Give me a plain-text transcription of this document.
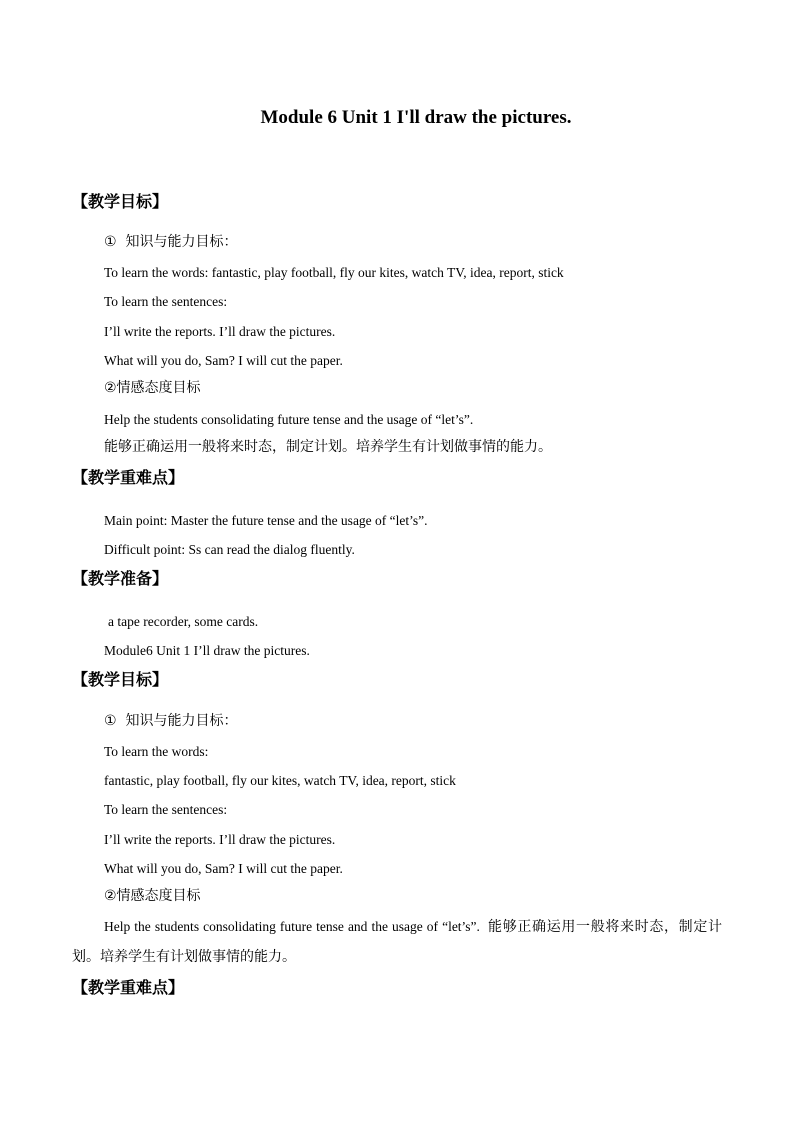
Module 6 Unit 1 I'll draw the pictures.
【教学目标】
① 知识与能力目标：
To learn the words: fantastic, play football, fly our kites, watch TV, idea, report, stick
To learn the sentences:
I’ll write the reports. I’ll draw the pictures.
What will you do, Sam? I will cut the paper.
②情感态度目标
Help the students consolidating future tense and the usage of “let’s”.
能够正确运用一般将来时态，制定计划。培养学生有计划做事情的能力。
【教学重难点】
Main point: Master the future tense and the usage of “let’s”.
Difficult point: Ss can read the dialog fluently.
【教学准备】
a tape recorder, some cards.
Module6 Unit 1 I’ll draw the pictures.
【教学目标】
① 知识与能力目标：
To learn the words:
fantastic, play football, fly our kites, watch TV, idea, report, stick
To learn the sentences:
I’ll write the reports. I’ll draw the pictures.
What will you do, Sam? I will cut the paper.
②情感态度目标
Help the students consolidating future tense and the usage of “let’s”. 能够正确运用一般将来时态，制定计划。培养学生有计划做事情的能力。
【教学重难点】
